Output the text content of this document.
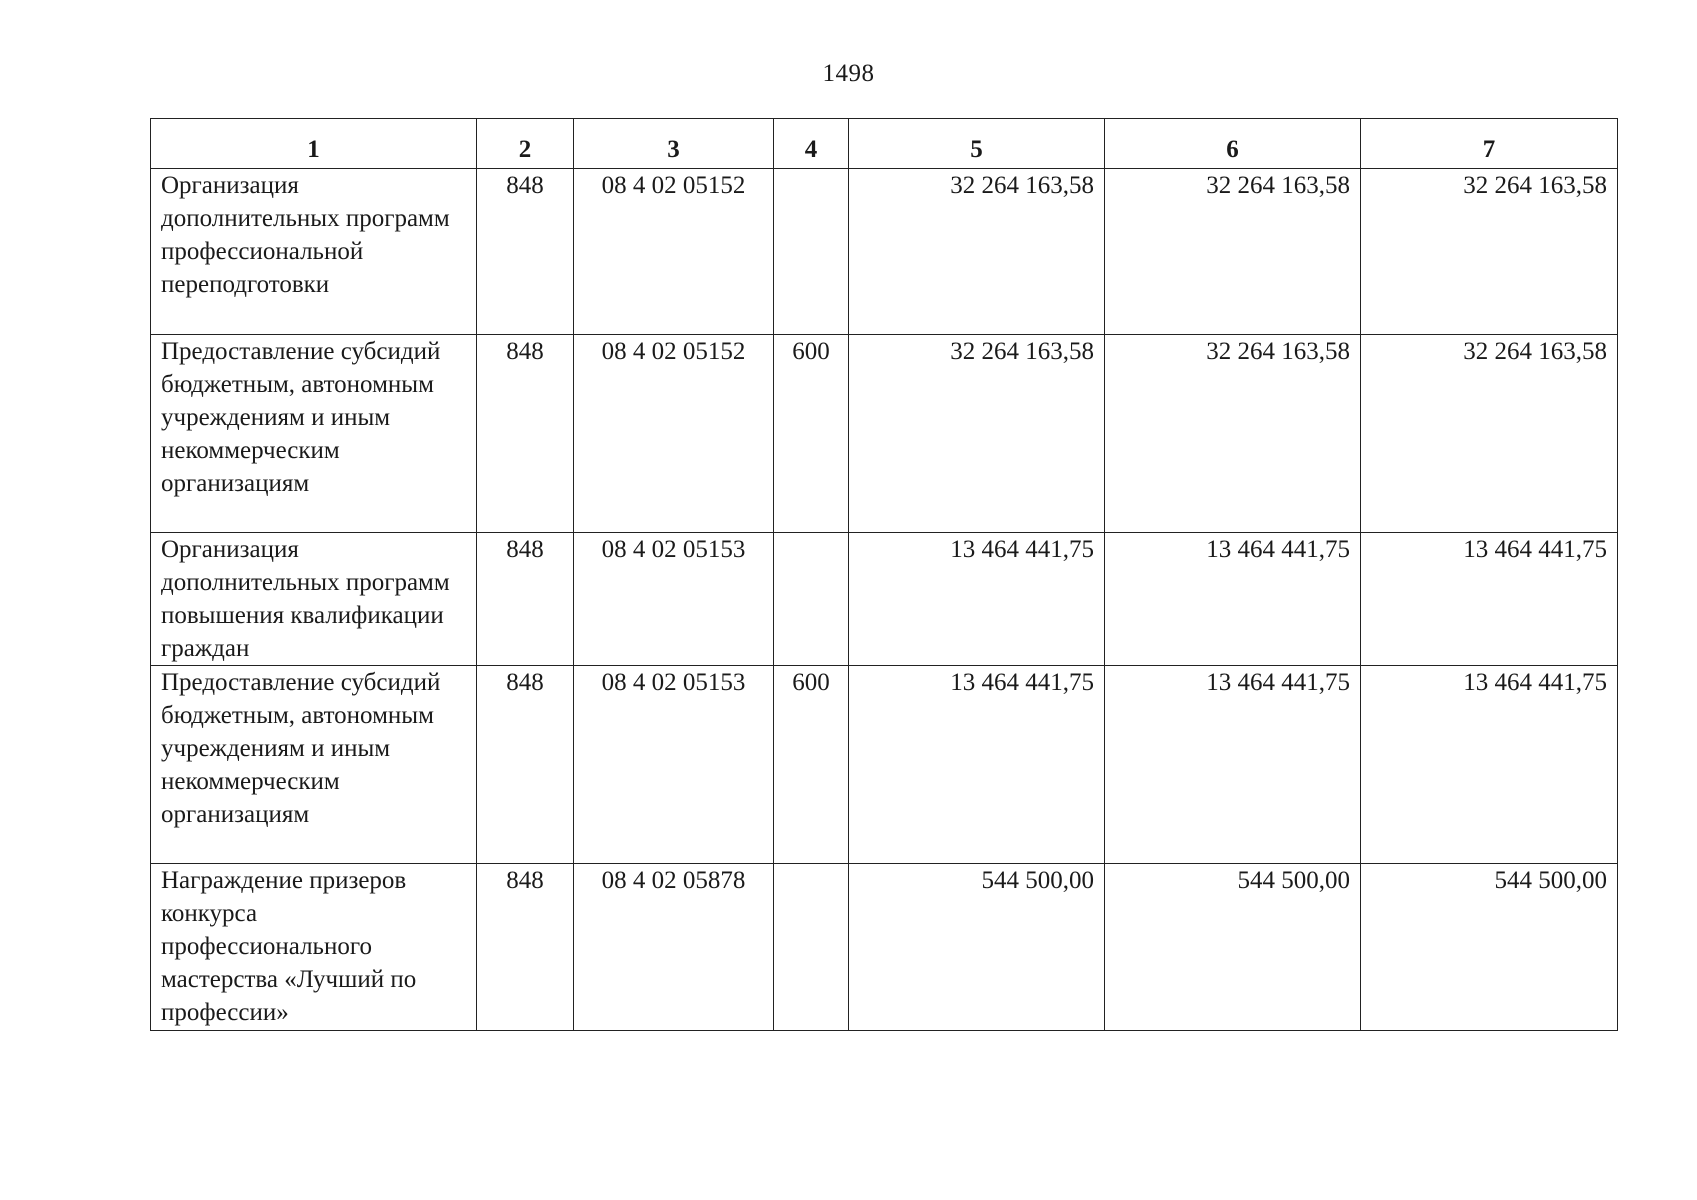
1498
1	2	3	4	5	6	7
Организация дополнительных программ профессиональной переподготовки	848	08 4 02 05152		32 264 163,58	32 264 163,58	32 264 163,58
Предоставление субсидий бюджетным, автономным учреждениям и иным некоммерческим организациям	848	08 4 02 05152	600	32 264 163,58	32 264 163,58	32 264 163,58
Организация дополнительных программ повышения квалификации граждан	848	08 4 02 05153		13 464 441,75	13 464 441,75	13 464 441,75
Предоставление субсидий бюджетным, автономным учреждениям и иным некоммерческим организациям	848	08 4 02 05153	600	13 464 441,75	13 464 441,75	13 464 441,75
Награждение призеров конкурса профессионального мастерства «Лучший по профессии»	848	08 4 02 05878		544 500,00	544 500,00	544 500,00
